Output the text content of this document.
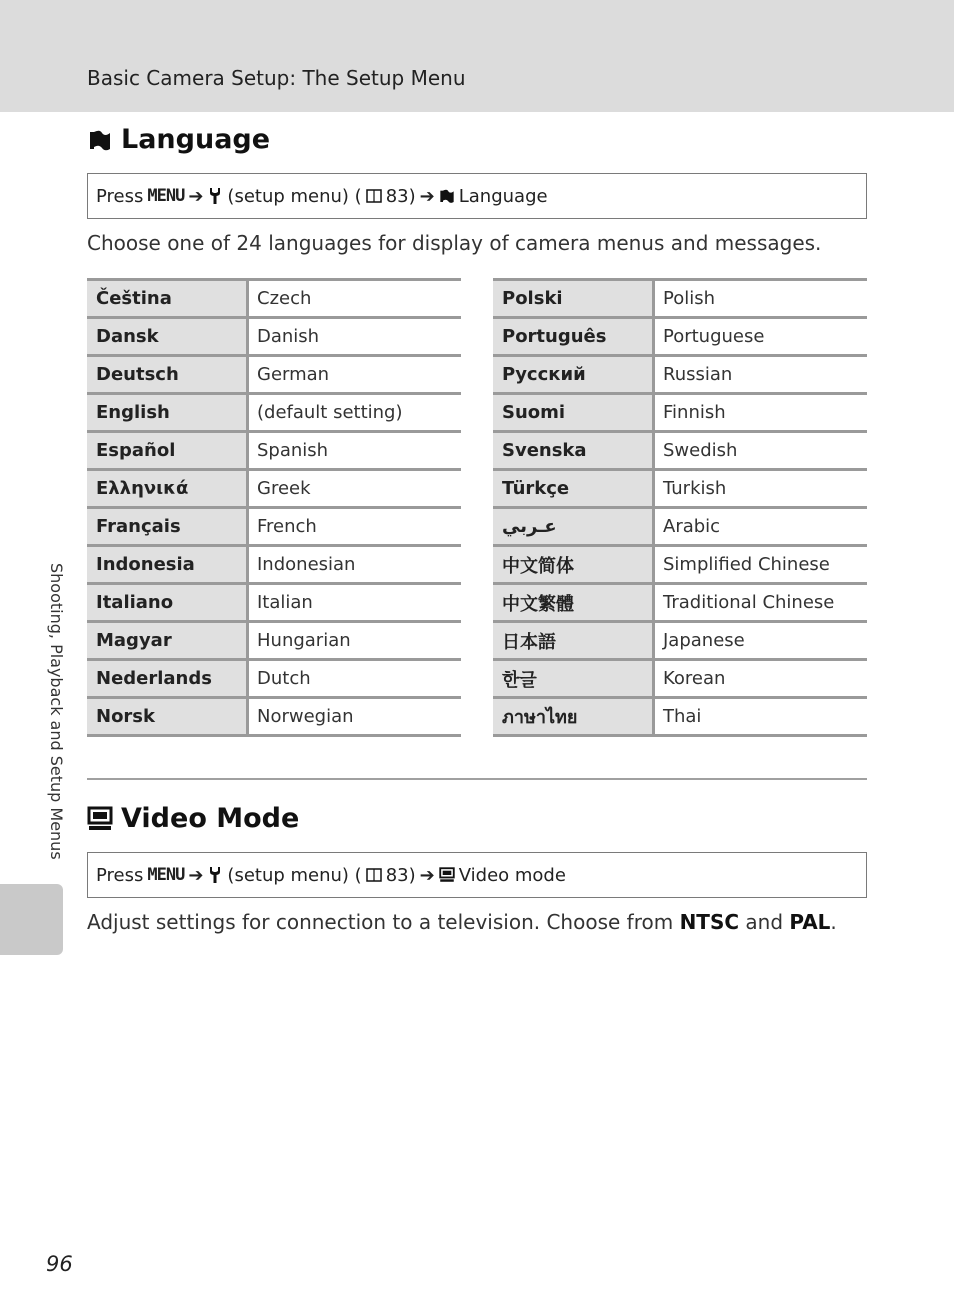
Basic Camera Setup: The Setup Menu
Language
Press MENU ➔ (setup menu) ( 83) ➔ Language
Choose one of 24 languages for display of camera menus and messages.
Čeština	Czech
Dansk	Danish
Deutsch	German
English	(default setting)
Español	Spanish
Ελληνικά	Greek
Français	French
Indonesia	Indonesian
Italiano	Italian
Magyar	Hungarian
Nederlands	Dutch
Norsk	Norwegian
Polski	Polish
Português	Portuguese
Русский	Russian
Suomi	Finnish
Svenska	Swedish
Türkçe	Turkish
عـربي	Arabic
中文简体	Simplified Chinese
中文繁體	Traditional Chinese
日本語	Japanese
한글	Korean
ภาษาไทย	Thai
Video Mode
Press MENU ➔ (setup menu) ( 83) ➔ Video mode
Adjust settings for connection to a television. Choose from NTSC and PAL.
Shooting, Playback and Setup Menus
96
